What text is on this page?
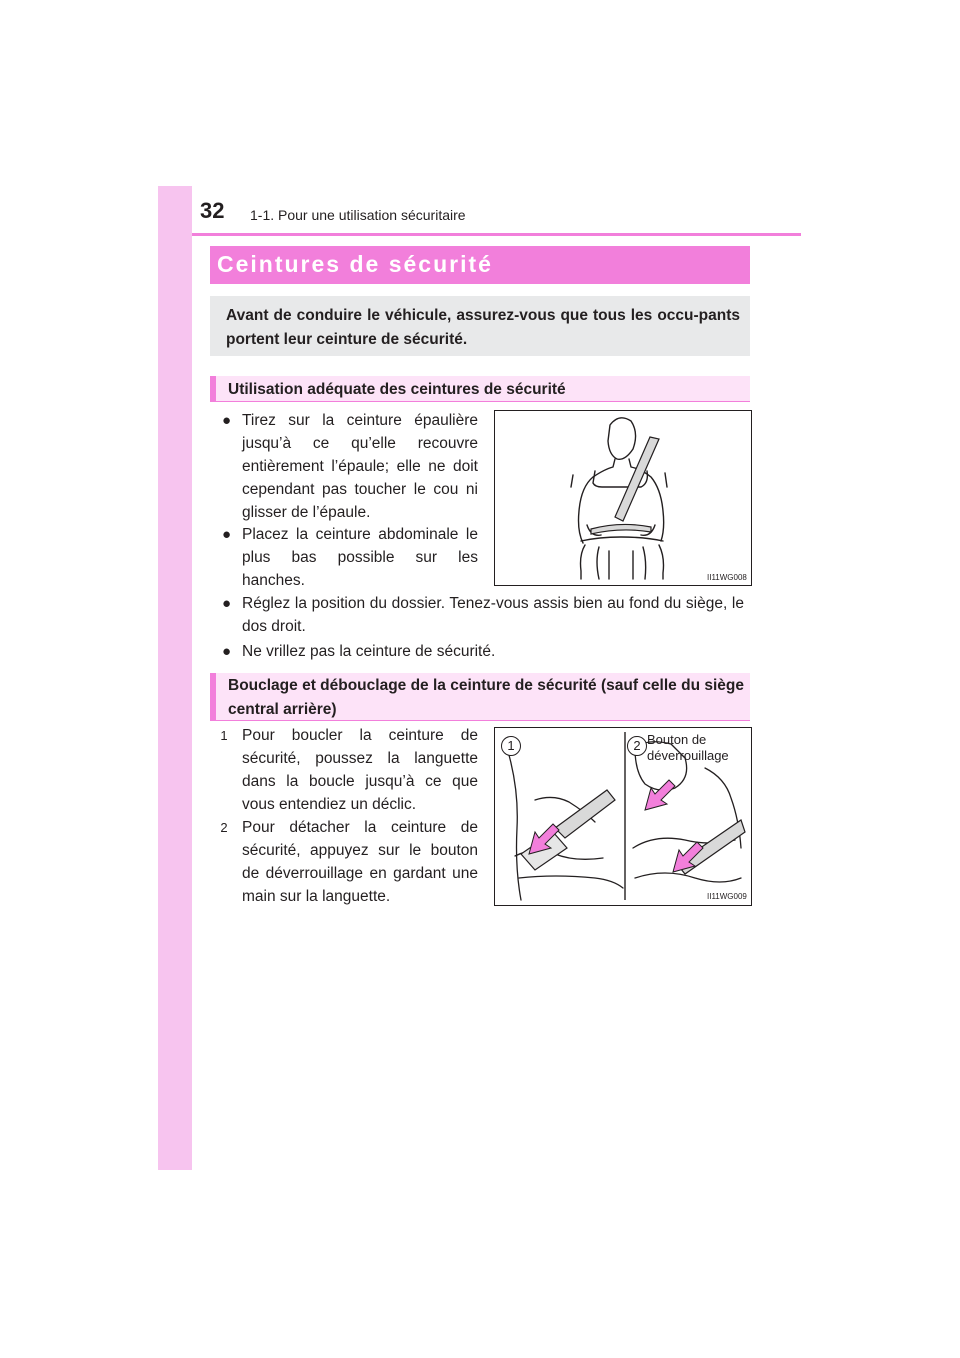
32 1-1. Pour une utilisation sécuritaire
Ceintures de sécurité
Avant de conduire le véhicule, assurez-vous que tous les occu-pants portent leur ceinture de sécurité.
Utilisation adéquate des ceintures de sécurité
● Tirez sur la ceinture épaulière jusqu’à ce qu’elle recouvre entièrement l’épaule; elle ne doit cependant pas toucher le cou ni glisser de l’épaule.
● Placez la ceinture abdominale le plus bas possible sur les hanches.
● Réglez la position du dossier. Tenez-vous assis bien au fond du siège, le dos droit.
● Ne vrillez pas la ceinture de sécurité.
II11WG008
Bouclage et débouclage de la ceinture de sécurité (sauf celle du siège central arrière)
1 Pour boucler la ceinture de sécurité, poussez la languette dans la boucle jusqu’à ce que vous entendiez un déclic.
2 Pour détacher la ceinture de sécurité, appuyez sur le bouton de déverrouillage en gardant une main sur la languette.
1	2 Bouton de déverrouillage
II11WG009
